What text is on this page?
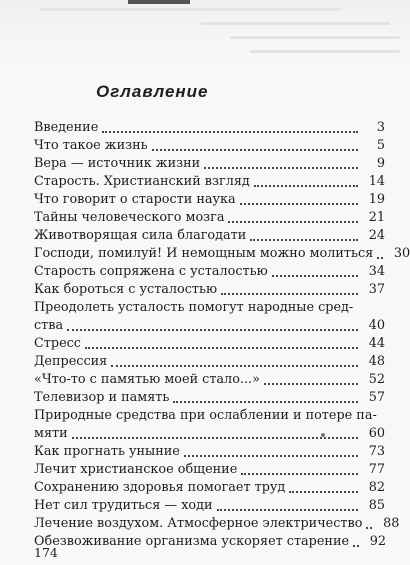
Оглавление
Введение	3
Что такое жизнь	5
Вера — источник жизни	9
Старость. Христианский взгляд	14
Что говорит о старости наука	19
Тайны человеческого мозга	21
Животворящая сила благодати	24
Господи, помилуй! И немощным можно молиться	30
Старость сопряжена с усталостью	34
Как бороться с усталостью	37
Преодолеть усталость помогут народные сред-
ства	40
Стресс	44
Депрессия	48
«Что-то с памятью моей стало...»	52
Телевизор и память	57
Природные средства при ослаблении и потере па-
мяти	60
Как прогнать уныние	73
Лечит христианское общение	77
Сохранению здоровья помогает труд	82
Нет сил трудиться — ходи	85
Лечение воздухом. Атмосферное электричество	88
Обезвоживание организма ускоряет старение	92
174
